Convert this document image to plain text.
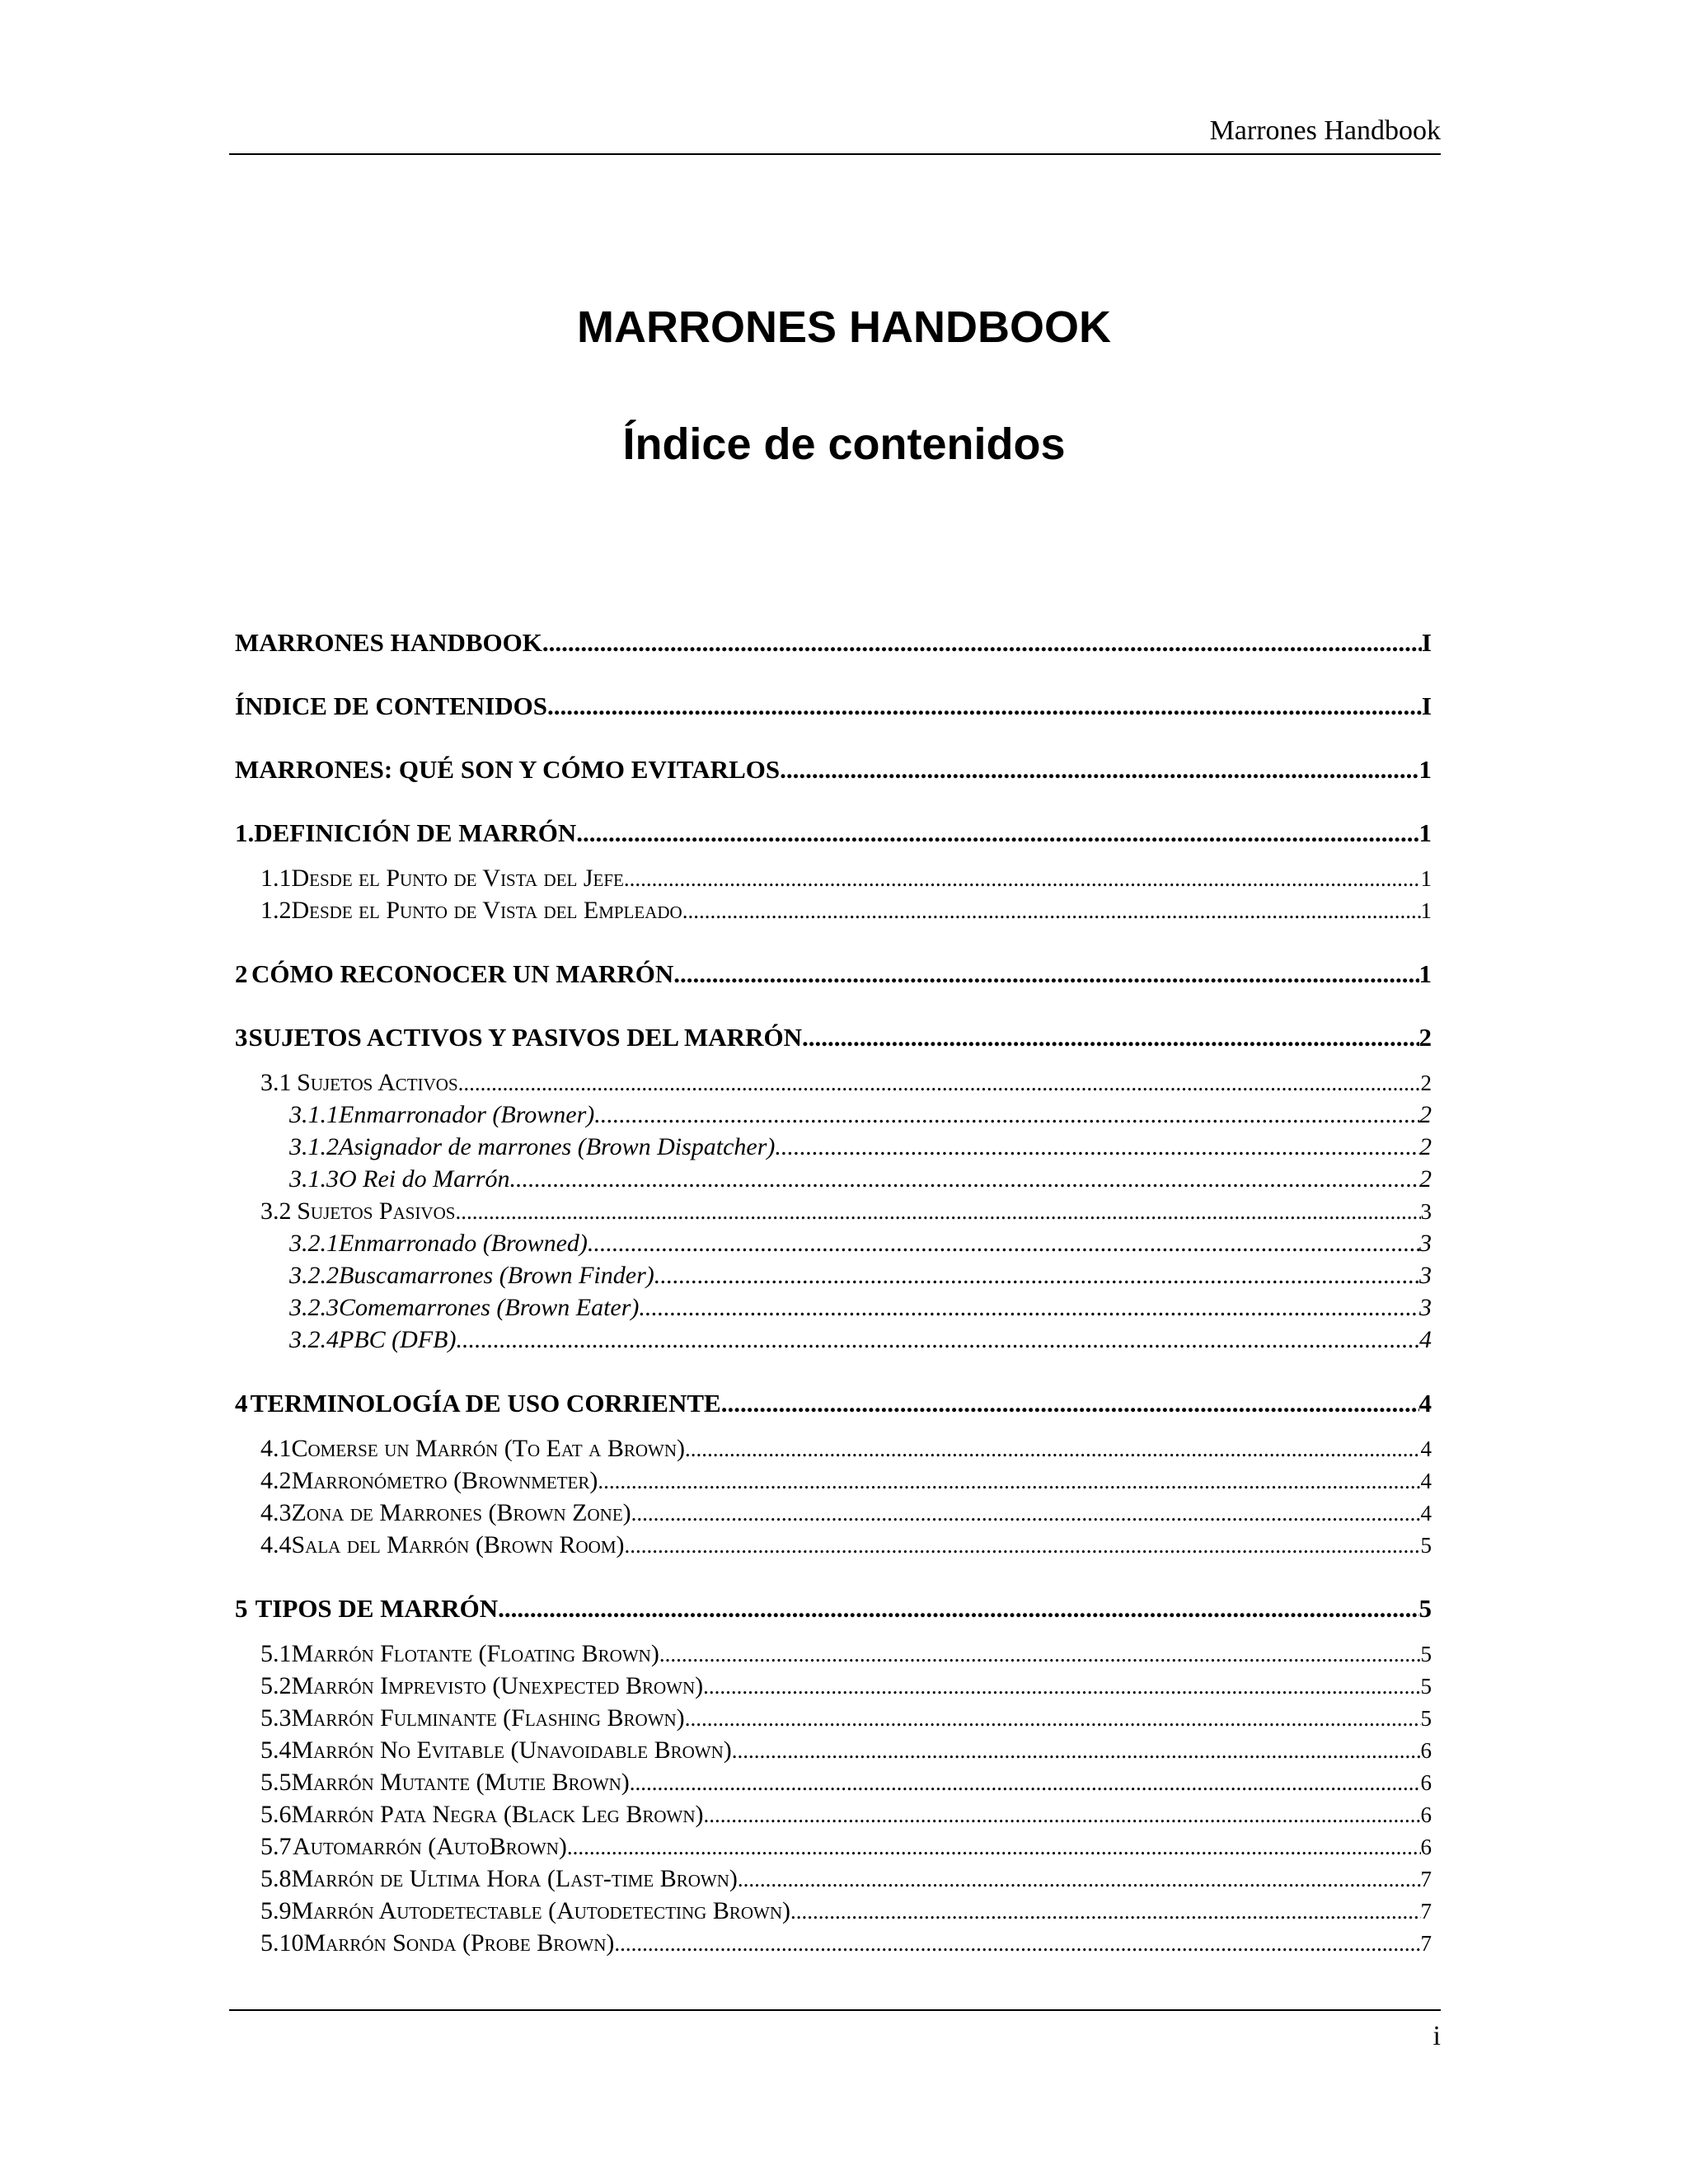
Marrones Handbook
MARRONES HANDBOOK
Índice de contenidos
MARRONES HANDBOOK .....	I
ÍNDICE DE CONTENIDOS .....	I
MARRONES: QUÉ SON Y CÓMO EVITARLOS .....	1
1. DEFINICIÓN DE MARRÓN .....	1
1.1 Desde el Punto de Vista del Jefe .....	1
1.2 Desde el Punto de Vista del Empleado .....	1
2 CÓMO RECONOCER UN MARRÓN .....	1
3 SUJETOS ACTIVOS Y PASIVOS DEL MARRÓN .....	2
3.1 Sujetos Activos .....	2
3.1.1 Enmarronador (Browner) .....	2
3.1.2 Asignador de marrones (Brown Dispatcher) .....	2
3.1.3 O Rei do Marrón .....	2
3.2 Sujetos Pasivos .....	3
3.2.1 Enmarronado (Browned) .....	3
3.2.2 Buscamarrones (Brown Finder) .....	3
3.2.3 Comemarrones (Brown Eater) .....	3
3.2.4 PBC (DFB) .....	4
4 TERMINOLOGÍA DE USO CORRIENTE .....	4
4.1 Comerse un Marrón (To Eat a Brown) .....	4
4.2 Marronómetro (Brownmeter) .....	4
4.3 Zona de Marrones (Brown Zone) .....	4
4.4 Sala del Marrón (Brown Room) .....	5
5 TIPOS DE MARRÓN .....	5
5.1 Marrón Flotante (Floating Brown) .....	5
5.2 Marrón Imprevisto (Unexpected Brown) .....	5
5.3 Marrón Fulminante (Flashing Brown) .....	5
5.4 Marrón No Evitable (Unavoidable Brown) .....	6
5.5 Marrón Mutante (Mutie Brown) .....	6
5.6 Marrón Pata Negra (Black Leg Brown) .....	6
5.7 Automarrón (AutoBrown) .....	6
5.8 Marrón de Ultima Hora (Last-time Brown) .....	7
5.9 Marrón Autodetectable (Autodetecting Brown) .....	7
5.10 Marrón Sonda (Probe Brown) .....	7
i
